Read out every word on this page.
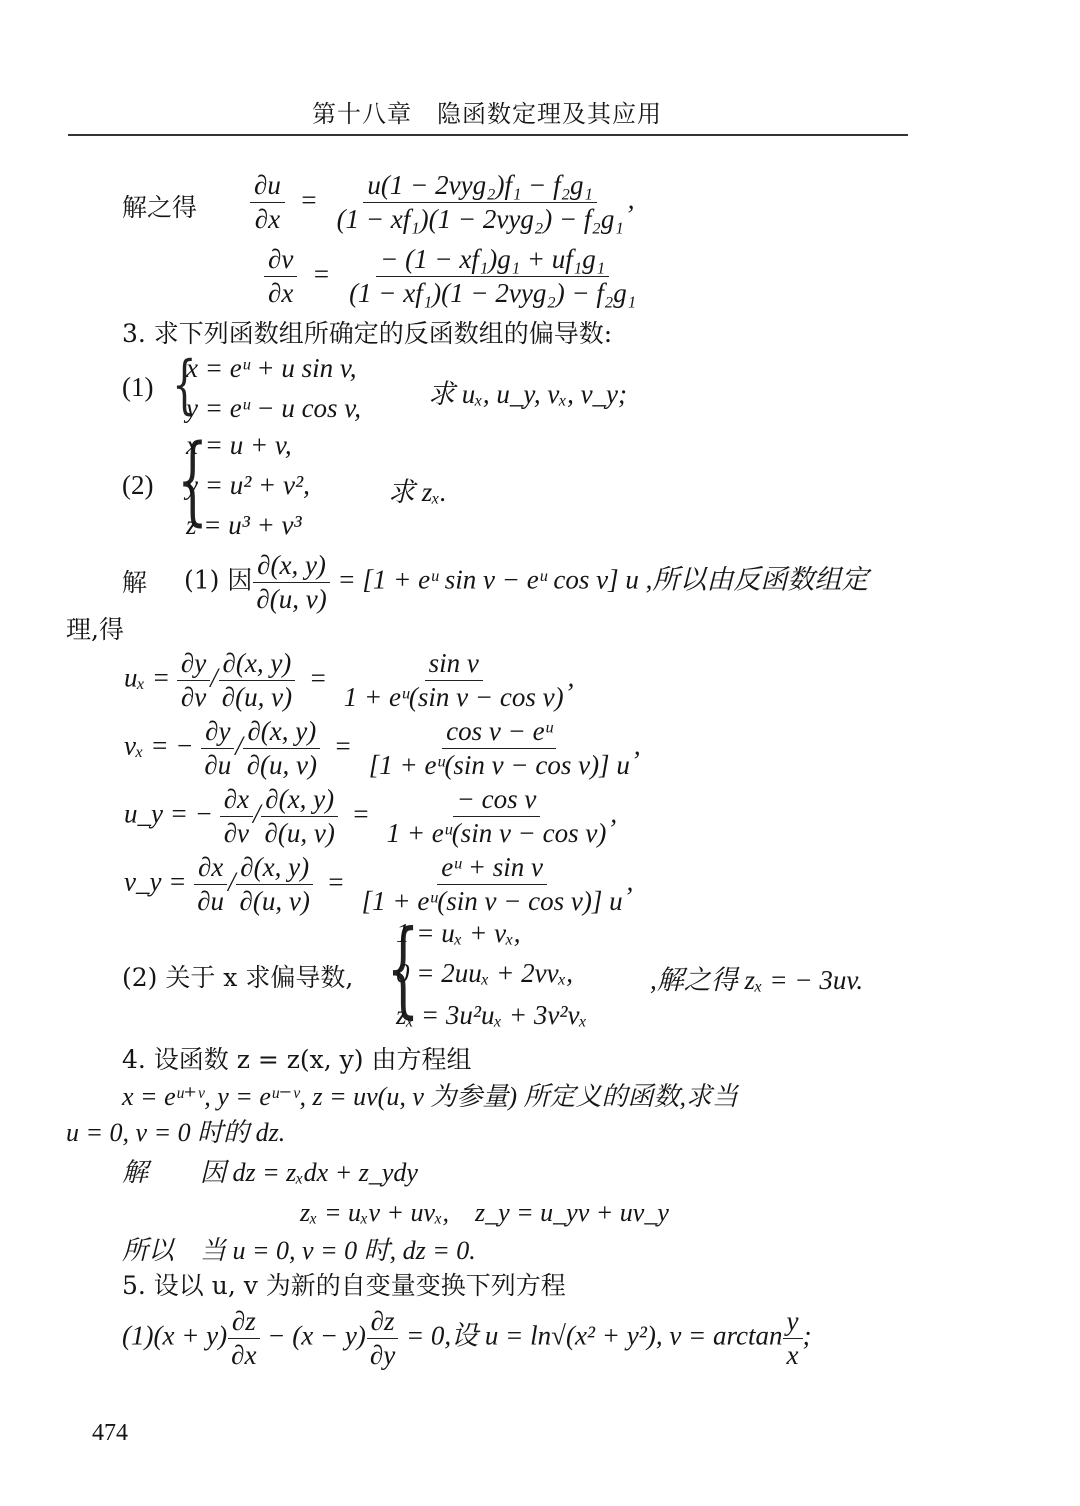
第十八章　隐函数定理及其应用
解之得 $\frac{\partial u}{\partial x} = \frac{\text{u(1 − 2vyg₂)f₁ − f₂g₁}}{\text{(1 − xf₁)(1 − 2vyg₂) − f₂g₁}}$ ,
$\frac{\partial v}{\partial x} = \frac{\text{− (1 − xf₁)g₁ + uf₁g₁}}{\text{(1 − xf₁)(1 − 2vyg₂) − f₂g₁}}$
3. 求下列函数组所确定的反函数组的偏导数:
(1) {
x = eᵘ + u sin v,
y = eᵘ − u cos v, 求 uₓ, u_y, vₓ, v_y;
(2) {
x = u + v,
y = u² + v²,
z = u³ + v³
求 zₓ.
解 (1) 因 $\frac{\partial(x, y)}{\partial(u, v)} = [1$ + eᵘ sin v − eᵘ cos v] u ,所以由反函数组定
理,得
$u_x = \frac{\partial y}{\partial v} / \frac{\partial(x, y)}{\partial(u, v)} = \frac{\text{sin v}}{\text{1 + eᵘ(sin v − cos v)}}$ ,
vₓ = − $\frac{\partial y}{\partial u} / \frac{\partial(x, y)}{\partial(u, v)} = \frac{\text{cos v − eᵘ}}{\text{[1 + eᵘ(sin v − cos v)] u}}$ ,
u_y = − $\frac{\partial x}{\partial v} / \frac{\partial(x, y)}{\partial(u, v)} = \frac{\text{− cos v}}{\text{1 + eᵘ(sin v − cos v)}}$ ,
v_y = $\frac{\partial x}{\partial u} / \frac{\partial(x, y)}{\partial(u, v)} = \frac{\text{eᵘ + sin v}}{\text{[1 + eᵘ(sin v − cos v)] u}}$ ,
(2) 关于 x 求偏导数, {
1 = uₓ + vₓ,
0 = 2uuₓ + 2vvₓ,
zₓ = 3u²uₓ + 3v²vₓ
,解之得 zₓ = − 3uv.
4. 设函数 z = z(x, y) 由方程组
x = eᵘ⁺ᵛ, y = eᵘ⁻ᵛ, z = uv(u, v 为参量) 所定义的函数,求当
u = 0, v = 0 时的 dz.
解　　因 dz = zₓdx + z_ydy
zₓ = uₓv + uvₓ,　z_y = u_yv + uv_y
所以　当 u = 0, v = 0 时, dz = 0.
5. 设以 u, v 为新的自变量变换下列方程
$(1)(x + y) \frac{\partial z}{\partial x} - (x - y) \frac{\partial z}{\partial y} = 0$,设 u = ln√(x² + y²), $v = \arctan \frac{y}{x}$ ;
474
